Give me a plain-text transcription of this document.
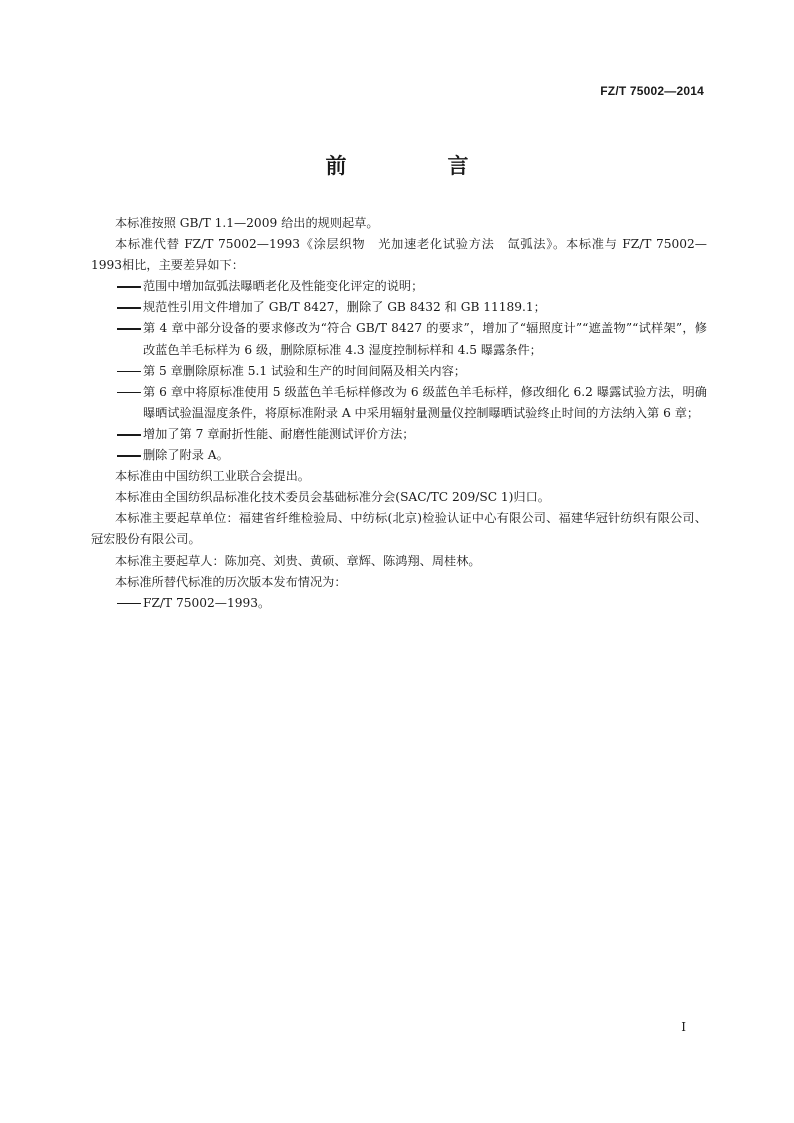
FZ/T 75002—2014
前　言

本标准按照 GB/T 1.1—2009 给出的规则起草。

本标准代替 FZ/T 75002—1993《涂层织物　光加速老化试验方法　氙弧法》。本标准与 FZ/T 75002—1993相比，主要差异如下：

范围中增加氙弧法曝晒老化及性能变化评定的说明；
规范性引用文件增加了 GB/T 8427，删除了 GB 8432 和 GB 11189.1；
第 4 章中部分设备的要求修改为“符合 GB/T 8427 的要求”，增加了“辐照度计”“遮盖物”“试样架”，修改蓝色羊毛标样为 6 级，删除原标准 4.3 湿度控制标样和 4.5 曝露条件；
第 5 章删除原标准 5.1 试验和生产的时间间隔及相关内容；
第 6 章中将原标准使用 5 级蓝色羊毛标样修改为 6 级蓝色羊毛标样，修改细化 6.2 曝露试验方法，明确曝晒试验温湿度条件，将原标准附录 A 中采用辐射量测量仪控制曝晒试验终止时间的方法纳入第 6 章；
增加了第 7 章耐折性能、耐磨性能测试评价方法；
删除了附录 A。

本标准由中国纺织工业联合会提出。

本标准由全国纺织品标准化技术委员会基础标准分会(SAC/TC 209/SC 1)归口。

本标准主要起草单位：福建省纤维检验局、中纺标(北京)检验认证中心有限公司、福建华冠针纺织有限公司、冠宏股份有限公司。

本标准主要起草人：陈加亮、刘贵、黄硕、章辉、陈鸿翔、周桂林。

本标准所替代标准的历次版本发布情况为：

FZ/T 75002—1993。
I
